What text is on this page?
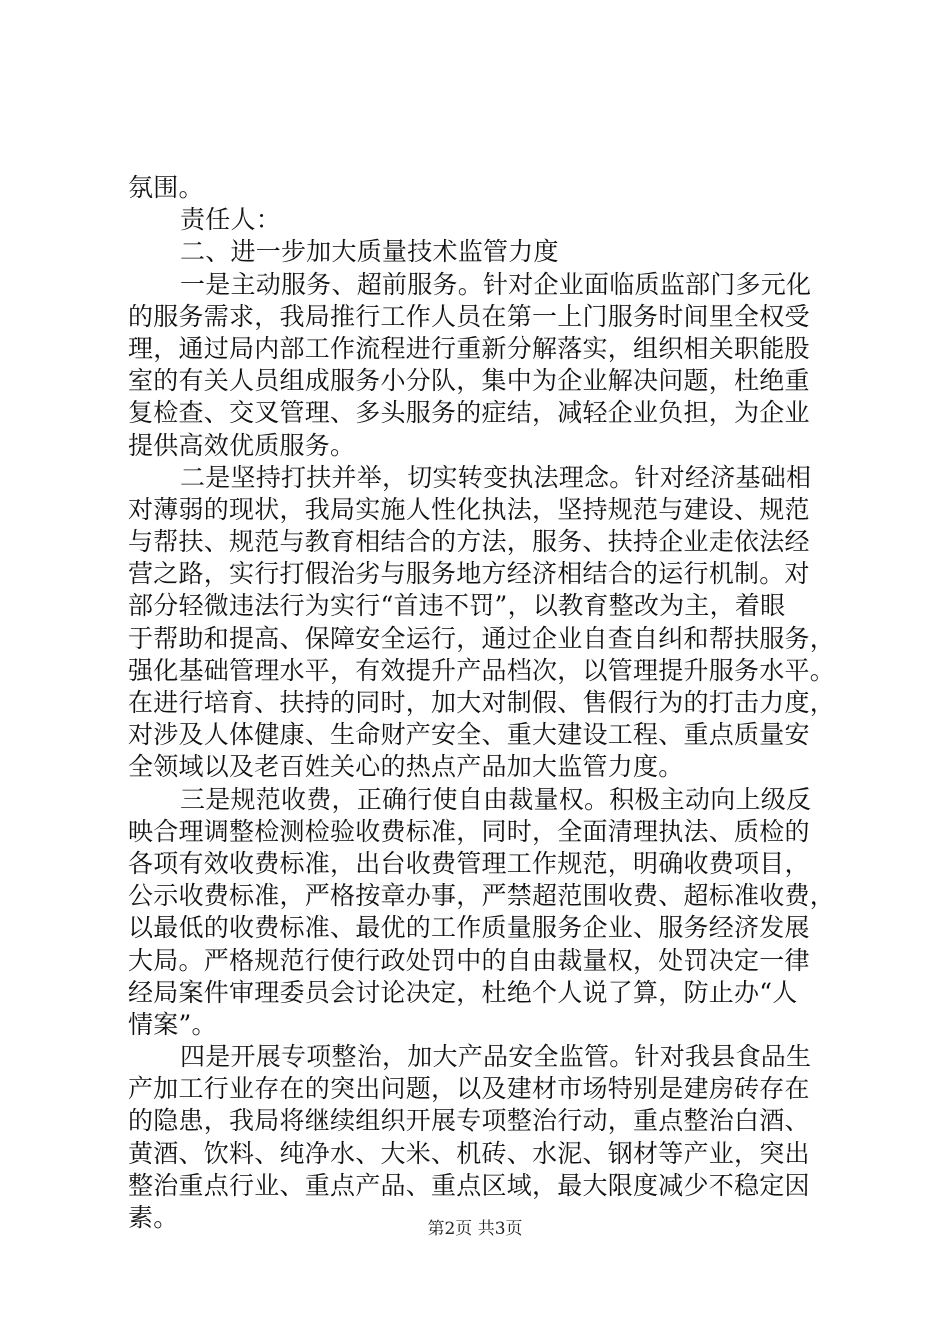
氛围。
责任人：
二、进一步加大质量技术监管力度
一是主动服务、超前服务。针对企业面临质监部门多元化
的服务需求，我局推行工作人员在第一上门服务时间里全权受
理，通过局内部工作流程进行重新分解落实，组织相关职能股
室的有关人员组成服务小分队，集中为企业解决问题，杜绝重
复检查、交叉管理、多头服务的症结，减轻企业负担，为企业
提供高效优质服务。
二是坚持打扶并举，切实转变执法理念。针对经济基础相
对薄弱的现状，我局实施人性化执法，坚持规范与建设、规范
与帮扶、规范与教育相结合的方法，服务、扶持企业走依法经
营之路，实行打假治劣与服务地方经济相结合的运行机制。对
部分轻微违法行为实行“首违不罚”，以教育整改为主，着眼
于帮助和提高、保障安全运行，通过企业自查自纠和帮扶服务，
强化基础管理水平，有效提升产品档次，以管理提升服务水平。
在进行培育、扶持的同时，加大对制假、售假行为的打击力度，
对涉及人体健康、生命财产安全、重大建设工程、重点质量安
全领域以及老百姓关心的热点产品加大监管力度。
三是规范收费，正确行使自由裁量权。积极主动向上级反
映合理调整检测检验收费标准，同时，全面清理执法、质检的
各项有效收费标准，出台收费管理工作规范，明确收费项目，
公示收费标准，严格按章办事，严禁超范围收费、超标准收费，
以最低的收费标准、最优的工作质量服务企业、服务经济发展
大局。严格规范行使行政处罚中的自由裁量权，处罚决定一律
经局案件审理委员会讨论决定，杜绝个人说了算，防止办“人
情案”。
四是开展专项整治，加大产品安全监管。针对我县食品生
产加工行业存在的突出问题，以及建材市场特别是建房砖存在
的隐患，我局将继续组织开展专项整治行动，重点整治白酒、
黄酒、饮料、纯净水、大米、机砖、水泥、钢材等产业，突出
整治重点行业、重点产品、重点区域，最大限度减少不稳定因
素。	第2页 共3页
